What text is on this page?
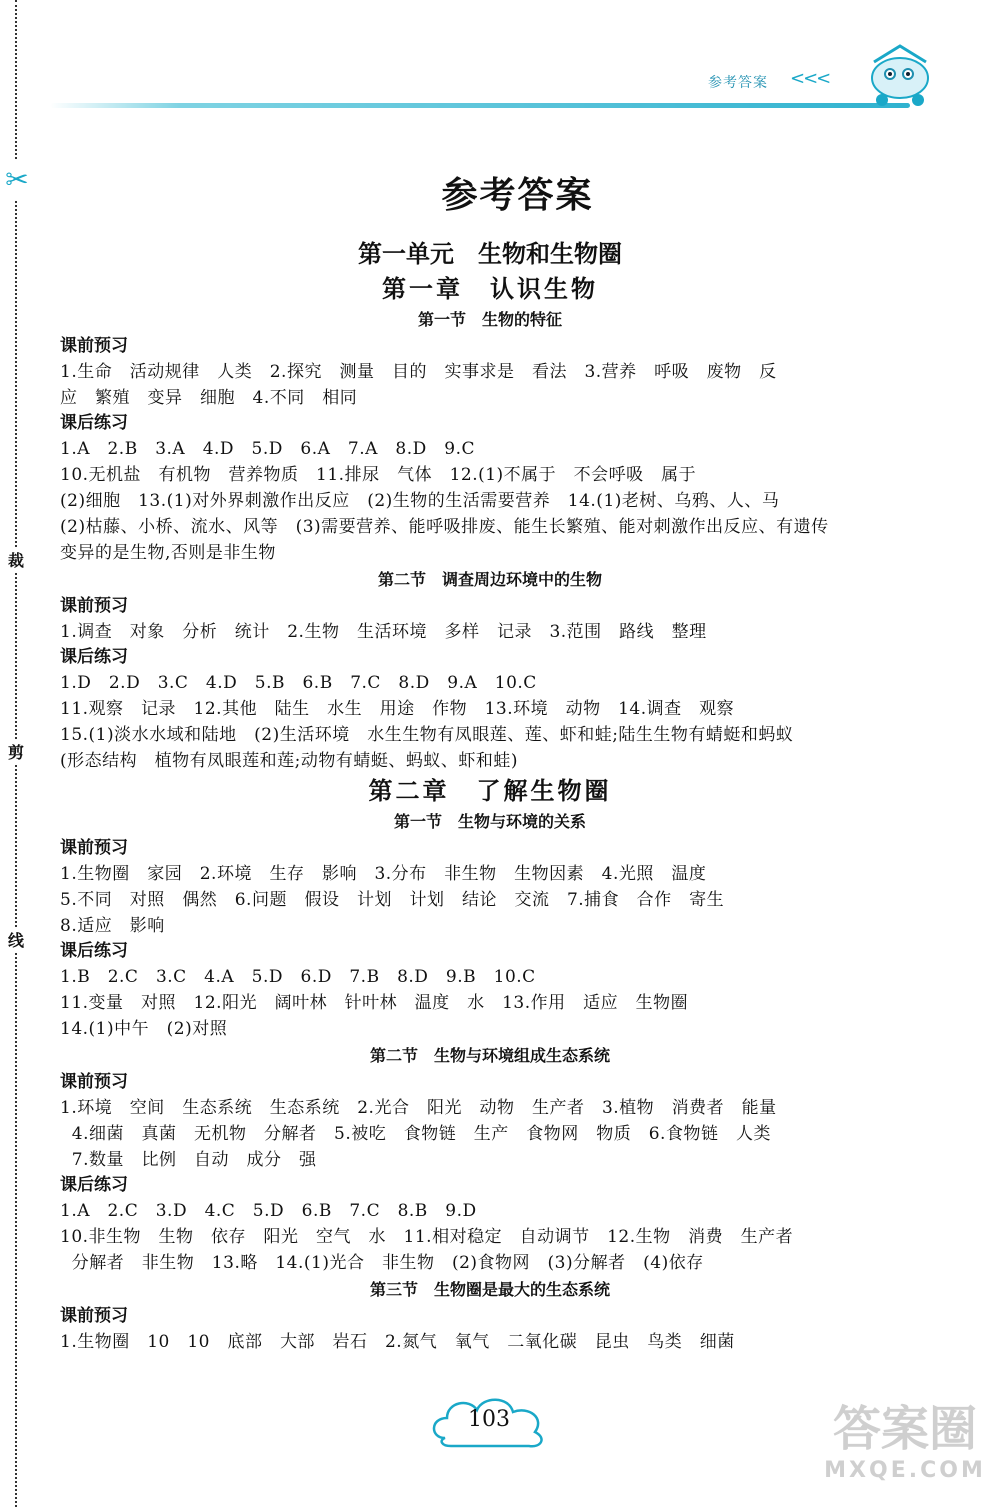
✂
裁
剪
线
参考答案 <<<
参考答案
第一单元　生物和生物圈
第一章　认识生物
第一节　生物的特征
课前预习
1.生命　活动规律　人类　2.探究　测量　目的　实事求是　看法　3.营养　呼吸　废物　反
应　繁殖　变异　细胞　4.不同　相同
课后练习
1.A　2.B　3.A　4.D　5.D　6.A　7.A　8.D　9.C
10.无机盐　有机物　营养物质　11.排尿　气体　12.(1)不属于　不会呼吸　属于
(2)细胞　13.(1)对外界刺激作出反应　(2)生物的生活需要营养　14.(1)老树、乌鸦、人、马
(2)枯藤、小桥、流水、风等　(3)需要营养、能呼吸排废、能生长繁殖、能对刺激作出反应、有遗传
变异的是生物,否则是非生物
第二节　调查周边环境中的生物
课前预习
1.调查　对象　分析　统计　2.生物　生活环境　多样　记录　3.范围　路线　整理
课后练习
1.D　2.D　3.C　4.D　5.B　6.B　7.C　8.D　9.A　10.C
11.观察　记录　12.其他　陆生　水生　用途　作物　13.环境　动物　14.调查　观察
15.(1)淡水水域和陆地　(2)生活环境　水生生物有凤眼莲、莲、虾和蛙;陆生生物有蜻蜓和蚂蚁
(形态结构　植物有凤眼莲和莲;动物有蜻蜓、蚂蚁、虾和蛙)
第二章　了解生物圈
第一节　生物与环境的关系
课前预习
1.生物圈　家园　2.环境　生存　影响　3.分布　非生物　生物因素　4.光照　温度
5.不同　对照　偶然　6.问题　假设　计划　计划　结论　交流　7.捕食　合作　寄生
8.适应　影响
课后练习
1.B　2.C　3.C　4.A　5.D　6.D　7.B　8.D　9.B　10.C
11.变量　对照　12.阳光　阔叶林　针叶林　温度　水　13.作用　适应　生物圈
14.(1)中午　(2)对照
第二节　生物与环境组成生态系统
课前预习
1.环境　空间　生态系统　生态系统　2.光合　阳光　动物　生产者　3.植物　消费者　能量
4.细菌　真菌　无机物　分解者　5.被吃　食物链　生产　食物网　物质　6.食物链　人类
7.数量　比例　自动　成分　强
课后练习
1.A　2.C　3.D　4.C　5.D　6.B　7.C　8.B　9.D
10.非生物　生物　依存　阳光　空气　水　11.相对稳定　自动调节　12.生物　消费　生产者
分解者　非生物　13.略　14.(1)光合　非生物　(2)食物网　(3)分解者　(4)依存
第三节　生物圈是最大的生态系统
课前预习
1.生物圈　10　10　底部　大部　岩石　2.氮气　氧气　二氧化碳　昆虫　鸟类　细菌
103	答案圈
MXQE.COM
